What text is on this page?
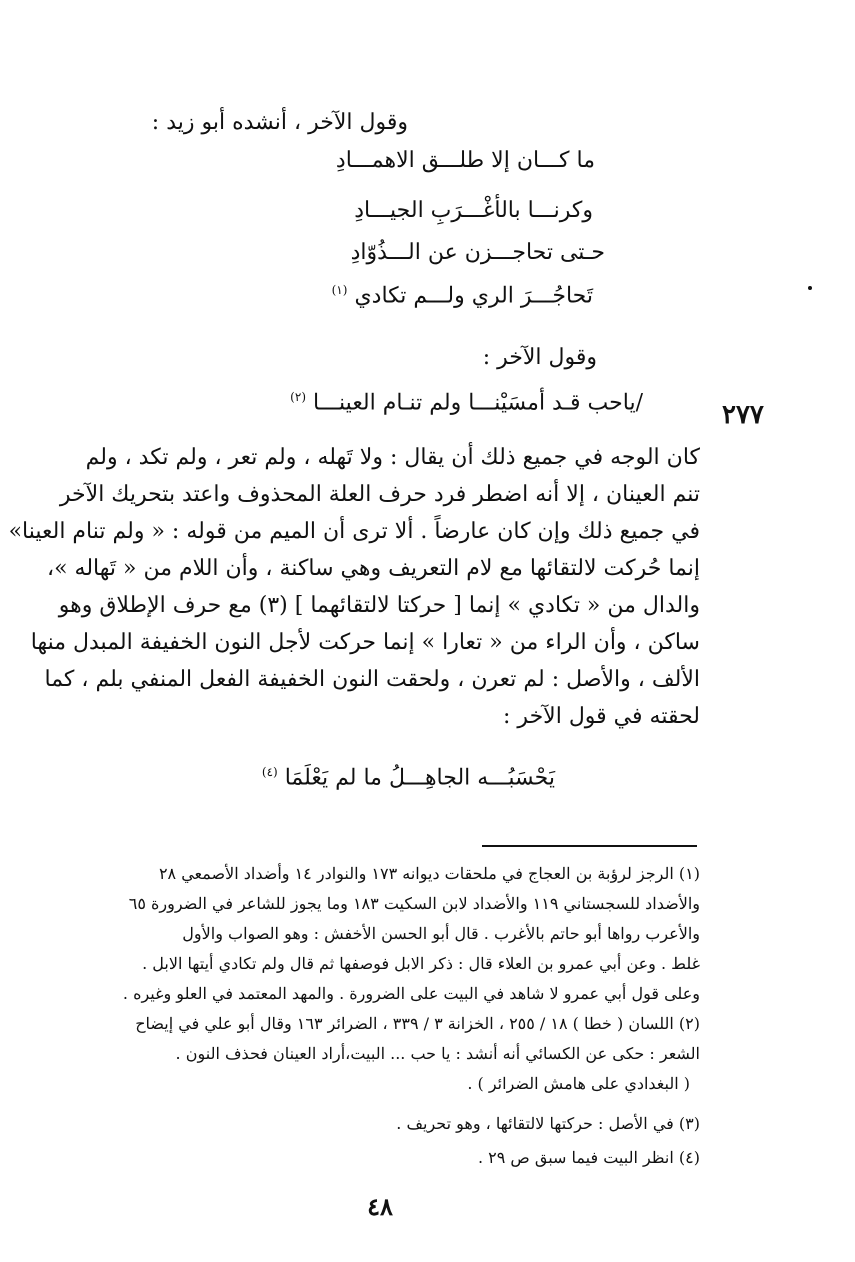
وقول الآخر ، أنشده أبو زيد :
ما كـــان إلا طلـــق الاهمـــادِ
وكرنـــا بالأغْـــرَبِ الجيـــادِ
حـتى تحاجـــزن عن الـــذُوّادِ
تَحاجُـــرَ الري ولـــم تكادي $^{(١)}$
وقول الآخر :
٢٧٧
/ياحب قـد أمسَيْنـــا ولم تنـام العينـــا $^{(٢)}$
كان الوجه في جميع ذلك أن يقال : ولا تَهله ، ولم تعر ، ولم تكد ، ولم
تنم العينان ، إلا أنه اضطر فرد حرف العلة المحذوف واعتد بتحريك الآخر
في جميع ذلك وإن كان عارضاً . ألا ترى أن الميم من قوله : « ولم تنام العينا»
إنما حُركت لالتقائها مع لام التعريف وهي ساكنة ، وأن اللام من « تَهاله »،
والدال من « تكادي » إنما [ حركتا لالتقائهما ] (٣) مع حرف الإطلاق وهو
ساكن ، وأن الراء من « تعارا » إنما حركت لأجل النون الخفيفة المبدل منها
الألف ، والأصل : لم تعرن ، ولحقت النون الخفيفة الفعل المنفي بلم ، كما
لحقته في قول الآخر :
يَحْسَبُـــه الجاهِـــلُ ما لم يَعْلَمَا $^{(٤)}$
(١) الرجز لرؤبة بن العجاج في ملحقات ديوانه ١٧٣ والنوادر ١٤ وأضداد الأصمعي ٢٨
والأضداد للسجستاني ١١٩ والأضداد لابن السكيت ١٨٣ وما يجوز للشاعر في الضرورة ٦٥
والأعرب رواها أبو حاتم بالأغرب . قال أبو الحسن الأخفش : وهو الصواب والأول
غلط . وعن أبي عمرو بن العلاء قال : ذكر الابل فوصفها ثم قال ولم تكادي أيتها الابل .
وعلى قول أبي عمرو لا شاهد في البيت على الضرورة . والمهد المعتمد في العلو وغيره .
(٢) اللسان ( خطا ) ١٨ / ٢٥٥ ، الخزانة ٣ / ٣٣٩ ، الضرائر ١٦٣ وقال أبو علي في إيضاح
الشعر : حكى عن الكسائي أنه أنشد : يا حب ... البيت،أراد العينان فحذف النون .
( البغدادي على هامش الضرائر ) .
(٣) في الأصل : حركتها لالتقائها ، وهو تحريف .
(٤) انظر البيت فيما سبق ص ٢٩ .
٤٨
